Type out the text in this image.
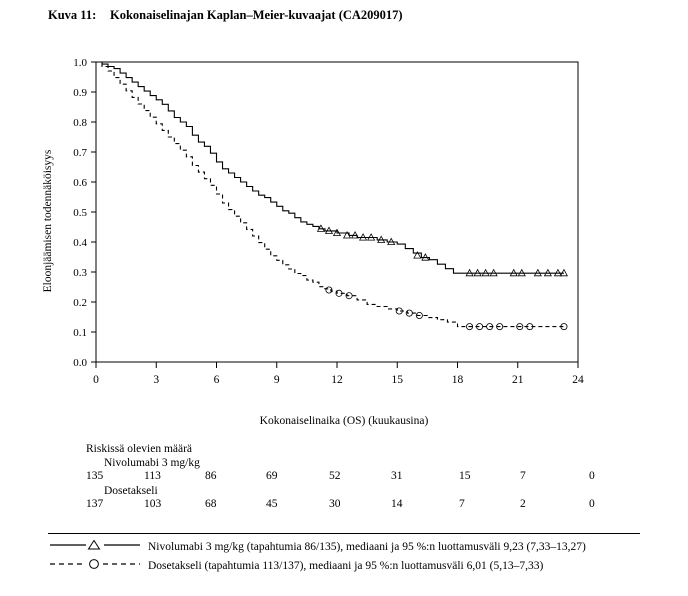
Kuva 11: Kokonaiselinajan Kaplan–Meier-kuvaajat (CA209017)
Eloonjäämisen todennäköisyys
Kokonaiselinaika (OS) (kuukausina)
0.0
0.1
0.2
0.3
0.4
0.5
0.6
0.7
0.8
0.9
1.0
0	3	6	9	12	15	18	21	24
Riskissä olevien määrä
Nivolumabi 3 mg/kg
135	113	86	69	52	31	15	7	0
Dosetakseli
137	103	68	45	30	14	7	2	0
Nivolumabi 3 mg/kg (tapahtumia 86/135), mediaani ja 95 %:n luottamusväli 9,23 (7,33–13,27)
Dosetakseli (tapahtumia 113/137), mediaani ja 95 %:n luottamusväli 6,01 (5,13–7,33)
